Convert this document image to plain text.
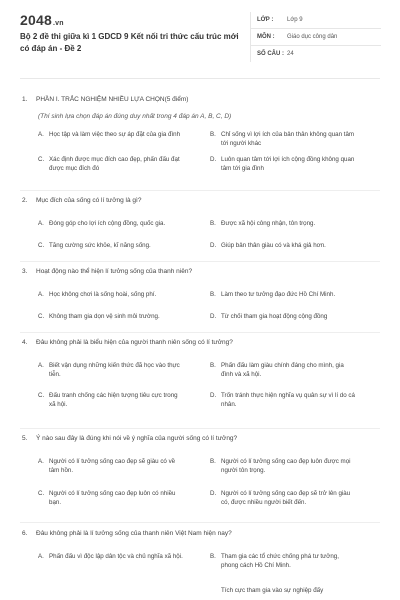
2048.vn
Bộ 2 đề thi giữa kì 1 GDCD 9 Kết nối tri thức cấu trúc mới có đáp án - Đề 2
LỚP :	Lớp 9
MÔN :	Giáo dục công dân
SỐ CÂU : 24
1. PHẦN I. TRẮC NGHIỆM NHIỀU LỰA CHỌN(5 điểm)
(Thí sinh lựa chọn đáp án đúng duy nhất trong 4 đáp án A, B, C, D)
A. Học tập và làm việc theo sự áp đặt của gia đình	B. Chỉ sống vì lợi ích của bản thân không quan tâm tới người khác
C. Xác định được mục đích cao đẹp, phấn đấu đạt được mục đích đó
D. Luôn quan tâm tới lợi ích cộng đồng không quan tâm tới gia đình
2. Mục đích của sống có lí tưởng là gì?
A. Đóng góp cho lợi ích cộng đồng, quốc gia.	B. Được xã hội công nhận, tôn trọng.
C. Tăng cường sức khỏe, kĩ năng sống.	D. Giúp bản thân giàu có và khá giả hơn.
3. Hoạt động nào thể hiện lí tưởng sống của thanh niên?
A. Học không chơi là sống hoài, sống phí.	B. Làm theo tư tưởng đạo đức Hồ Chí Minh.
C. Không tham gia dọn vệ sinh môi trường.	D. Từ chối tham gia hoạt động cộng đồng
4. Đâu không phải là biểu hiện của người thanh niên sống có lí tưởng?
A. Biết vận dụng những kiến thức đã học vào thực tiễn.
B. Phấn đấu làm giàu chính đáng cho mình, gia đình và xã hội.
C. Đấu tranh chống các hiện tượng tiêu cực trong xã hội.
D. Trốn tránh thực hiện nghĩa vụ quân sự vì lí do cá nhân.
5. Ý nào sau đây là đúng khi nói về ý nghĩa của người sống có lí tưởng?
A. Người có lí tưởng sống cao đẹp sẽ giàu có về tâm hồn.
B. Người có lí tưởng sống cao đẹp luôn được mọi người tôn trọng.
C. Người có lí tưởng sống cao đẹp luôn có nhiều bạn.
D. Người có lí tưởng sống cao đẹp sẽ trở lên giàu có, được nhiều người biết đến.
6. Đâu không phải là lí tưởng sống của thanh niên Việt Nam hiện nay?
A. Phấn đấu vì độc lập dân tộc và chủ nghĩa xã hội.	B. Tham gia các tổ chức chống phá tư tưởng, phong cách Hồ Chí Minh.
Tích cực tham gia vào sự nghiệp đấy
